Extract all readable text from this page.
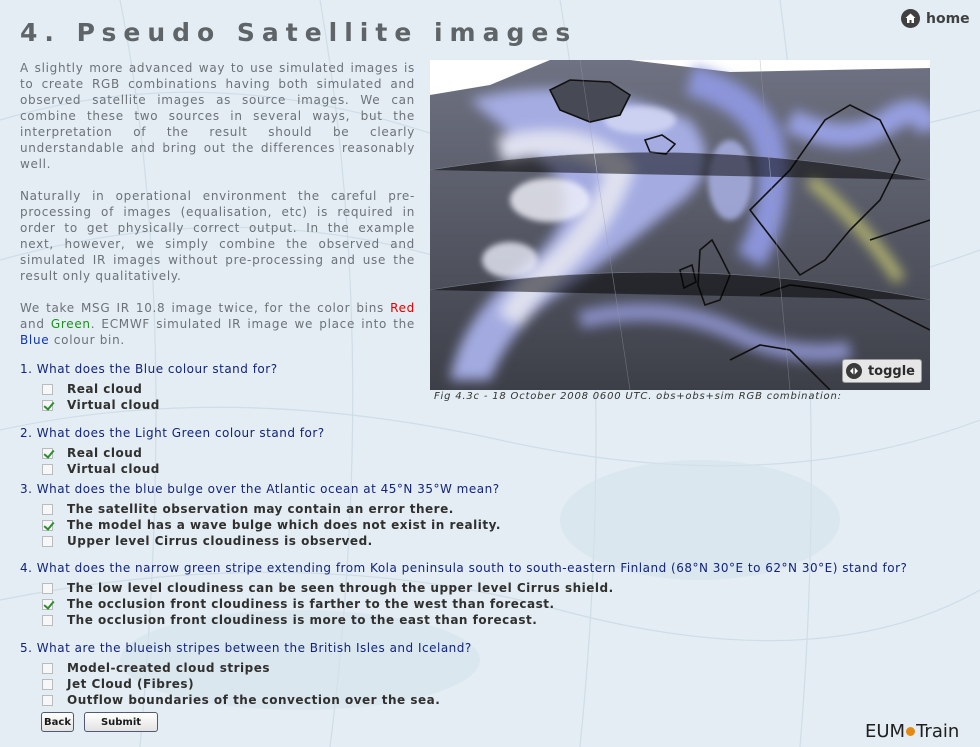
4. Pseudo Satellite images	home

A slightly more advanced way to use simulated images is to create RGB combinations having both simulated and observed satellite images as source images. We can combine these two sources in several ways, but the interpretation of the result should be clearly understandable and bring out the differences reasonably well.

Naturally in operational environment the careful pre-processing of images (equalisation, etc) is required in order to get physically correct output. In the example next, however, we simply combine the observed and simulated IR images without pre-processing and use the result only qualitatively.

We take MSG IR 10.8 image twice, for the color bins Red and Green. ECMWF simulated IR image we place into the Blue colour bin.

toggle
Fig 4.3c - 18 October 2008 0600 UTC. obs+obs+sim RGB combination:

1. What does the Blue colour stand for?

Real cloud
Virtual cloud

2. What does the Light Green colour stand for?

Real cloud
Virtual cloud

3. What does the blue bulge over the Atlantic ocean at 45°N 35°W mean?

The satellite observation may contain an error there.
The model has a wave bulge which does not exist in reality.
Upper level Cirrus cloudiness is observed.

4. What does the narrow green stripe extending from Kola peninsula south to south-eastern Finland (68°N 30°E to 62°N 30°E) stand for?

The low level cloudiness can be seen through the upper level Cirrus shield.
The occlusion front cloudiness is farther to the west than forecast.
The occlusion front cloudiness is more to the east than forecast.

5. What are the blueish stripes between the British Isles and Iceland?

Model-created cloud stripes
Jet Cloud (Fibres)
Outflow boundaries of the convection over the sea.
Back	Submit	EUM Train
